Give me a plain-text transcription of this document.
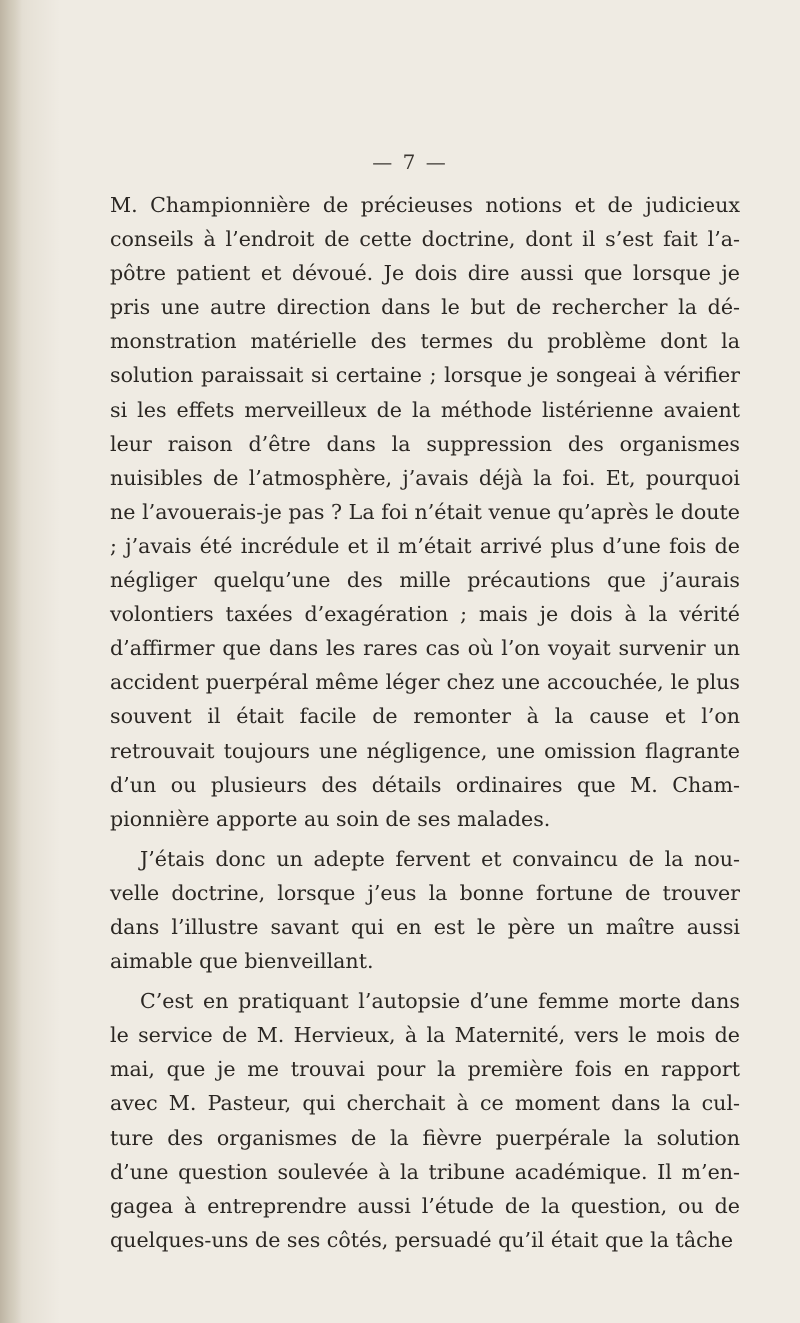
— 7 —

M. Championnière de précieuses notions et de judicieux conseils à l’endroit de cette doctrine, dont il s’est fait l’a- pôtre patient et dévoué. Je dois dire aussi que lorsque je pris une autre direction dans le but de rechercher la dé- monstration matérielle des termes du problème dont la solution paraissait si certaine ; lorsque je songeai à vérifier si les effets merveilleux de la méthode listérienne avaient leur raison d’être dans la suppression des organismes nuisibles de l’atmosphère, j’avais déjà la foi. Et, pourquoi ne l’avouerais-je pas ? La foi n’était venue qu’après le doute ; j’avais été incrédule et il m’était arrivé plus d’une fois de négliger quelqu’une des mille précautions que j’aurais volontiers taxées d’exagération ; mais je dois à la vérité d’affirmer que dans les rares cas où l’on voyait survenir un accident puerpéral même léger chez une accouchée, le plus souvent il était facile de remonter à la cause et l’on retrouvait toujours une négligence, une omission flagrante d’un ou plusieurs des détails ordinaires que M. Cham- pionnière apporte au soin de ses malades.

J’étais donc un adepte fervent et convaincu de la nou- velle doctrine, lorsque j’eus la bonne fortune de trouver dans l’illustre savant qui en est le père un maître aussi aimable que bienveillant.

C’est en pratiquant l’autopsie d’une femme morte dans le service de M. Hervieux, à la Maternité, vers le mois de mai, que je me trouvai pour la première fois en rapport avec M. Pasteur, qui cherchait à ce moment dans la cul- ture des organismes de la fièvre puerpérale la solution d’une question soulevée à la tribune académique. Il m’en- gagea à entreprendre aussi l’étude de la question, ou de quelques-uns de ses côtés, persuadé qu’il était que la tâche
